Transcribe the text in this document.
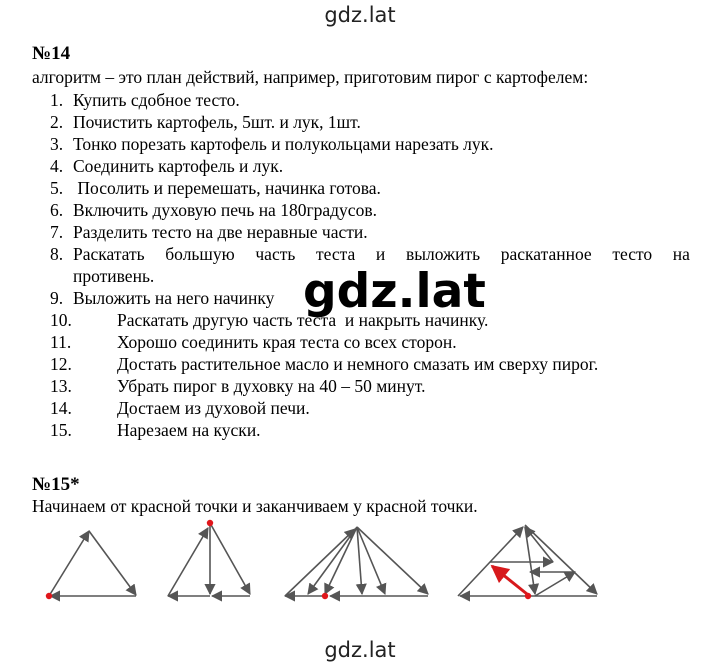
gdz.lat
№14
алгоритм – это план действий, например, приготовим пирог с картофелем:
1. Купить сдобное тесто.
2. Почистить картофель, 5шт. и лук, 1шт.
3. Тонко порезать картофель и полукольцами нарезать лук.
4. Соединить картофель и лук.
5. Посолить и перемешать, начинка готова.
6. Включить духовую печь на 180градусов.
7. Разделить тесто на две неравные части.
8. Раскатать большую часть теста и выложить раскатанное тесто на
противень.
9. Выложить на него начинку
10.	Раскатать другую часть теста  и накрыть начинку.
11.	Хорошо соединить края теста со всех сторон.
12.	Достать растительное масло и немного смазать им сверху пирог.
13.	Убрать пирог в духовку на 40 – 50 минут.
14.	Достаем из духовой печи.
15.	Нарезаем на куски.
gdz.lat
№15*
Начинаем от красной точки и заканчиваем у красной точки.
gdz.lat
